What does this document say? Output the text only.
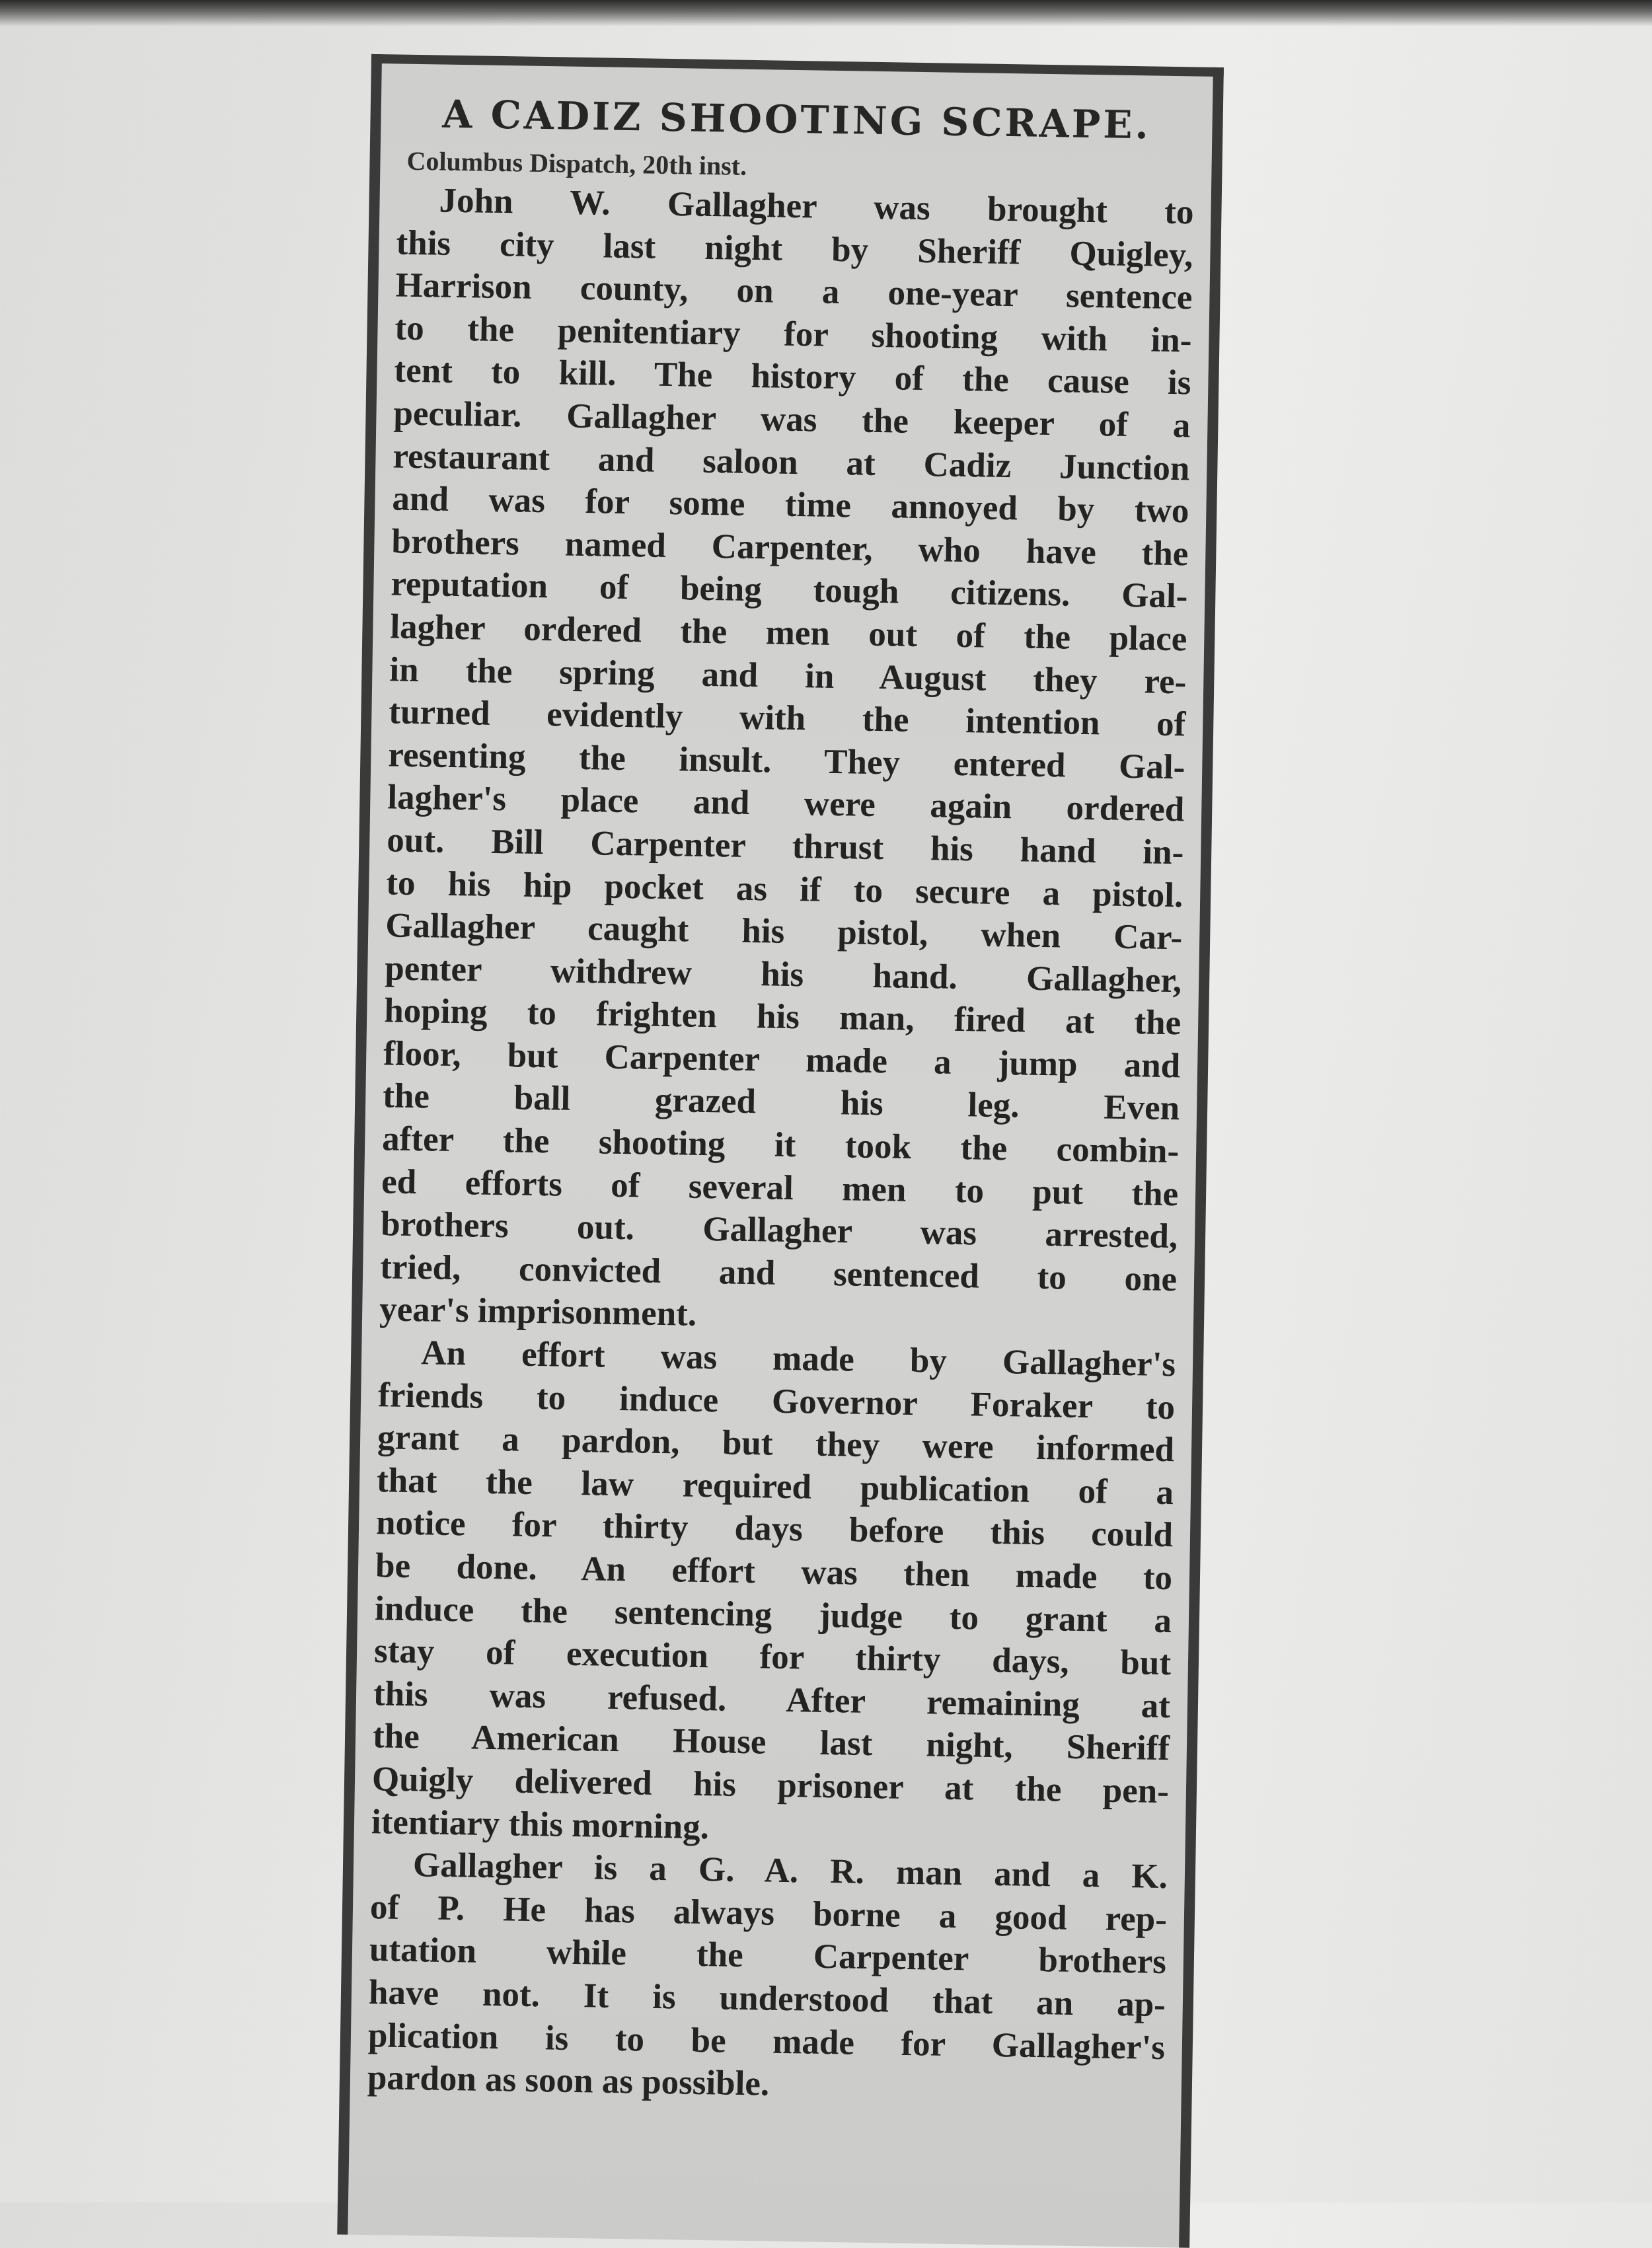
A CADIZ SHOOTING SCRAPE.

Columbus Dispatch, 20th inst.

John W. Gallagher was brought to
this city last night by Sheriff Quigley,
Harrison county, on a one-year sentence
to the penitentiary for shooting with in-
tent to kill. The history of the cause is
peculiar. Gallagher was the keeper of a
restaurant and saloon at Cadiz Junction
and was for some time annoyed by two
brothers named Carpenter, who have the
reputation of being tough citizens. Gal-
lagher ordered the men out of the place
in the spring and in August they re-
turned evidently with the intention of
resenting the insult. They entered Gal-
lagher's place and were again ordered
out. Bill Carpenter thrust his hand in-
to his hip pocket as if to secure a pistol.
Gallagher caught his pistol, when Car-
penter withdrew his hand. Gallagher,
hoping to frighten his man, fired at the
floor, but Carpenter made a jump and
the ball grazed his leg. Even
after the shooting it took the combin-
ed efforts of several men to put the
brothers out. Gallagher was arrested,
tried, convicted and sentenced to one
year's imprisonment.
An effort was made by Gallagher's
friends to induce Governor Foraker to
grant a pardon, but they were informed
that the law required publication of a
notice for thirty days before this could
be done. An effort was then made to
induce the sentencing judge to grant a
stay of execution for thirty days, but
this was refused. After remaining at
the American House last night, Sheriff
Quigly delivered his prisoner at the pen-
itentiary this morning.
Gallagher is a G. A. R. man and a K.
of P. He has always borne a good rep-
utation while the Carpenter brothers
have not. It is understood that an ap-
plication is to be made for Gallagher's
pardon as soon as possible.
